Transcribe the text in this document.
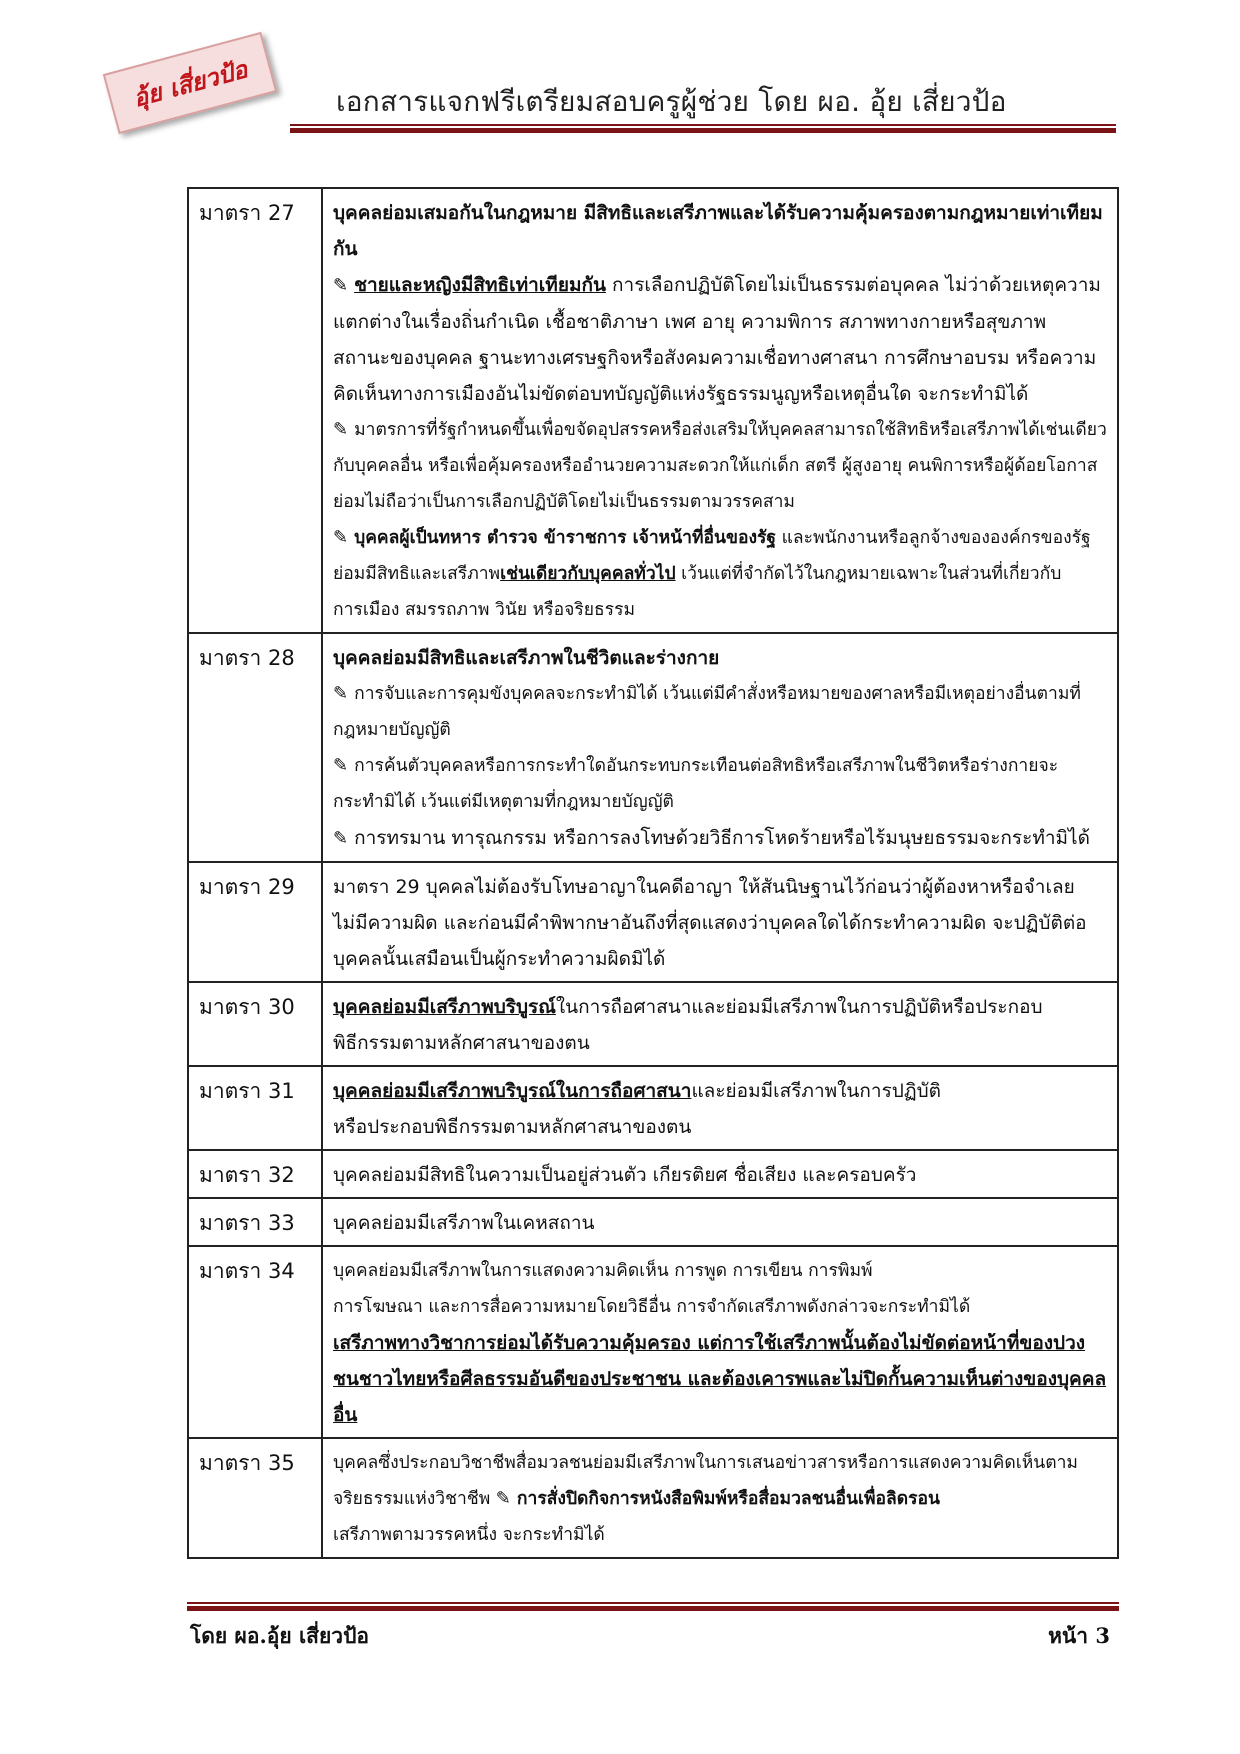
อุ้ย เสี่ยวป้อ	เอกสารแจกฟรีเตรียมสอบครูผู้ช่วย โดย ผอ. อุ้ย เสี่ยวป้อ
มาตรา 27	บุคคลย่อมเสมอกันในกฎหมาย มีสิทธิและเสรีภาพและได้รับความคุ้มครองตามกฎหมายเท่าเทียมกัน

✎ ชายและหญิงมีสิทธิเท่าเทียมกัน การเลือกปฏิบัติโดยไม่เป็นธรรมต่อบุคคล ไม่ว่าด้วยเหตุความแตกต่างในเรื่องถิ่นกำเนิด เชื้อชาติภาษา เพศ อายุ ความพิการ สภาพทางกายหรือสุขภาพ สถานะของบุคคล ฐานะทางเศรษฐกิจหรือสังคมความเชื่อทางศาสนา การศึกษาอบรม หรือความคิดเห็นทางการเมืองอันไม่ขัดต่อบทบัญญัติแห่งรัฐธรรมนูญหรือเหตุอื่นใด จะกระทำมิได้

✎ มาตรการที่รัฐกำหนดขึ้นเพื่อขจัดอุปสรรคหรือส่งเสริมให้บุคคลสามารถใช้สิทธิหรือเสรีภาพได้เช่นเดียวกับบุคคลอื่น หรือเพื่อคุ้มครองหรืออำนวยความสะดวกให้แก่เด็ก สตรี ผู้สูงอายุ คนพิการหรือผู้ด้อยโอกาส ย่อมไม่ถือว่าเป็นการเลือกปฏิบัติโดยไม่เป็นธรรมตามวรรคสาม

✎ บุคคลผู้เป็นทหาร ตำรวจ ข้าราชการ เจ้าหน้าที่อื่นของรัฐ และพนักงานหรือลูกจ้างขององค์กรของรัฐย่อมมีสิทธิและเสรีภาพเช่นเดียวกับบุคคลทั่วไป เว้นแต่ที่จำกัดไว้ในกฎหมายเฉพาะในส่วนที่เกี่ยวกับการเมือง สมรรถภาพ วินัย หรือจริยธรรม

มาตรา 28	บุคคลย่อมมีสิทธิและเสรีภาพในชีวิตและร่างกาย

✎ การจับและการคุมขังบุคคลจะกระทำมิได้ เว้นแต่มีคำสั่งหรือหมายของศาลหรือมีเหตุอย่างอื่นตามที่กฎหมายบัญญัติ

✎ การค้นตัวบุคคลหรือการกระทำใดอันกระทบกระเทือนต่อสิทธิหรือเสรีภาพในชีวิตหรือร่างกายจะกระทำมิได้ เว้นแต่มีเหตุตามที่กฎหมายบัญญัติ

✎ การทรมาน ทารุณกรรม หรือการลงโทษด้วยวิธีการโหดร้ายหรือไร้มนุษยธรรมจะกระทำมิได้

มาตรา 29	มาตรา 29 บุคคลไม่ต้องรับโทษอาญาในคดีอาญา ให้สันนิษฐานไว้ก่อนว่าผู้ต้องหาหรือจำเลยไม่มีความผิด และก่อนมีคำพิพากษาอันถึงที่สุดแสดงว่าบุคคลใดได้กระทำความผิด จะปฏิบัติต่อบุคคลนั้นเสมือนเป็นผู้กระทำความผิดมิได้

มาตรา 30	บุคคลย่อมมีเสรีภาพบริบูรณ์ในการถือศาสนาและย่อมมีเสรีภาพในการปฏิบัติหรือประกอบพิธีกรรมตามหลักศาสนาของตน

มาตรา 31	บุคคลย่อมมีเสรีภาพบริบูรณ์ในการถือศาสนาและย่อมมีเสรีภาพในการปฏิบัติ

หรือประกอบพิธีกรรมตามหลักศาสนาของตน

มาตรา 32	บุคคลย่อมมีสิทธิในความเป็นอยู่ส่วนตัว เกียรติยศ ชื่อเสียง และครอบครัว

มาตรา 33	บุคคลย่อมมีเสรีภาพในเคหสถาน

มาตรา 34	บุคคลย่อมมีเสรีภาพในการแสดงความคิดเห็น การพูด การเขียน การพิมพ์

การโฆษณา และการสื่อความหมายโดยวิธีอื่น การจำกัดเสรีภาพดังกล่าวจะกระทำมิได้

เสรีภาพทางวิชาการย่อมได้รับความคุ้มครอง แต่การใช้เสรีภาพนั้นต้องไม่ขัดต่อหน้าที่ของปวงชนชาวไทยหรือศีลธรรมอันดีของประชาชน และต้องเคารพและไม่ปิดกั้นความเห็นต่างของบุคคลอื่น

มาตรา 35	บุคคลซึ่งประกอบวิชาชีพสื่อมวลชนย่อมมีเสรีภาพในการเสนอข่าวสารหรือการแสดงความคิดเห็นตามจริยธรรมแห่งวิชาชีพ ✎ การสั่งปิดกิจการหนังสือพิมพ์หรือสื่อมวลชนอื่นเพื่อลิดรอน

เสรีภาพตามวรรคหนึ่ง จะกระทำมิได้

โดย ผอ.อุ้ย เสี่ยวป้อ	หน้า 3
